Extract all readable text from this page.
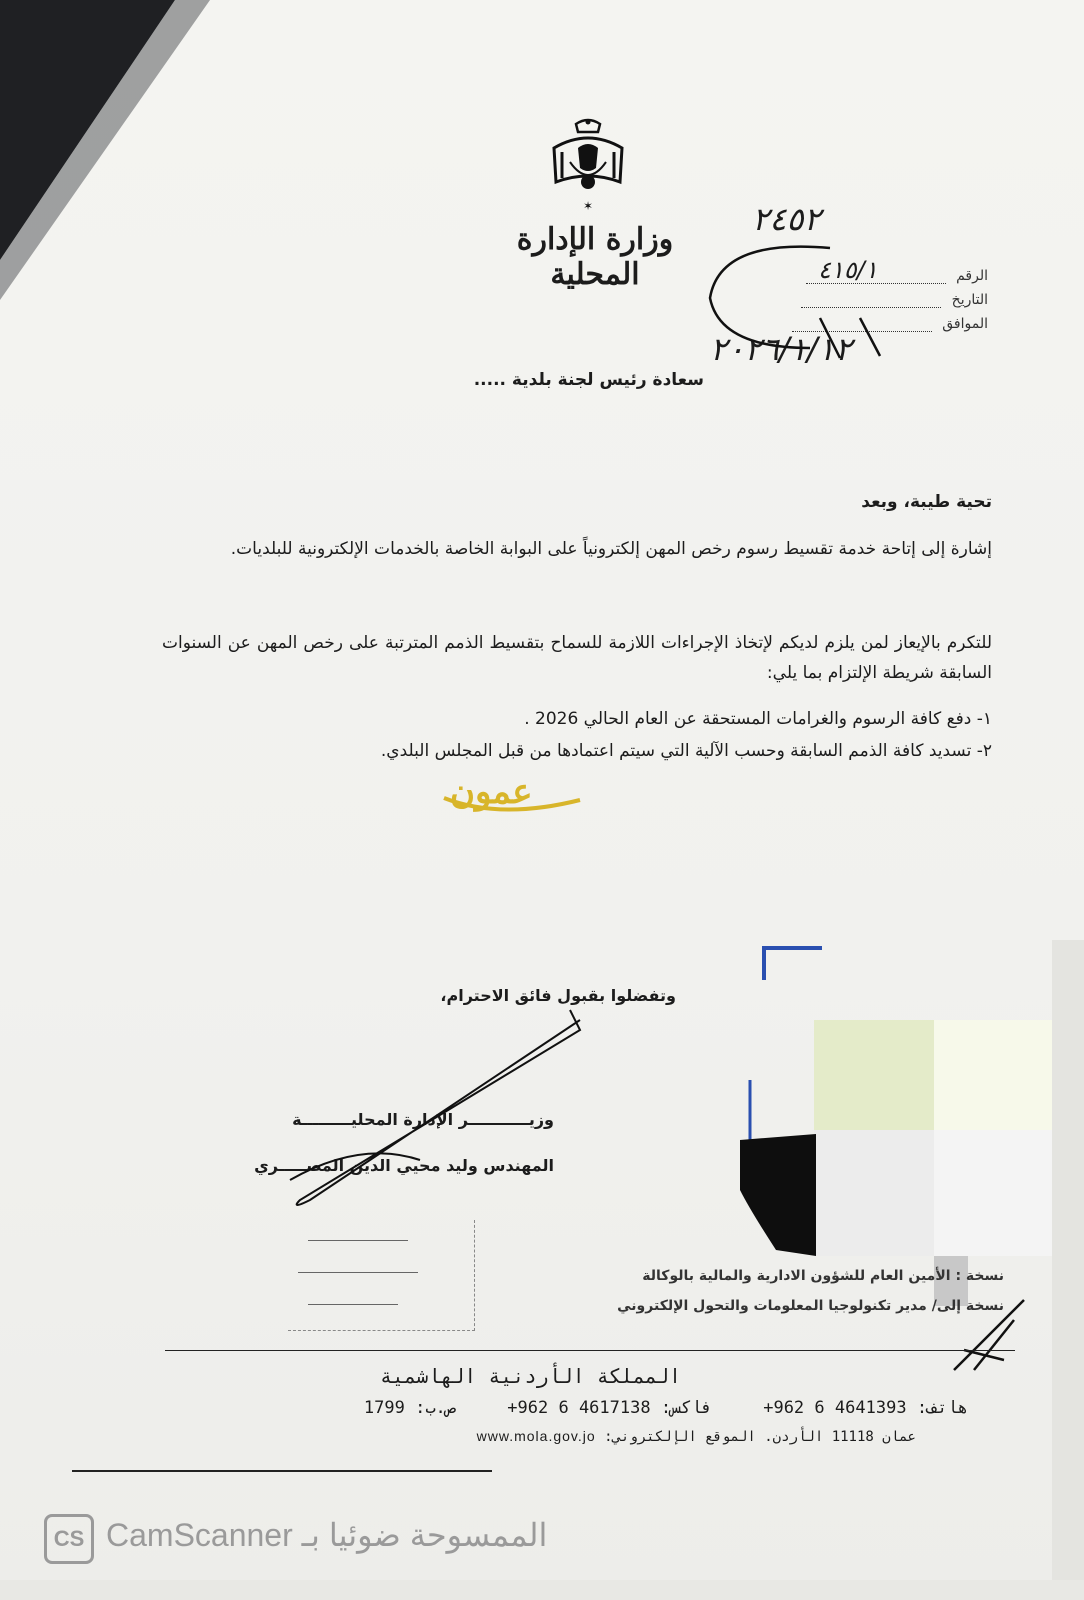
✶
وزارة الإدارة المحلية	الرقم
التاريخ
الموافق
٤١٥/١
٢٤٥٢
٢٠٢٦/١/١٢
سعادة رئيس لجنة بلدية .....
تحية طيبة، وبعد
إشارة إلى إتاحة خدمة تقسيط رسوم رخص المهن إلكترونياً على البوابة الخاصة بالخدمات الإلكترونية للبلديات.
للتكرم بالإيعاز لمن يلزم لديكم لإتخاذ الإجراءات اللازمة للسماح بتقسيط الذمم المترتبة على رخص المهن عن السنوات السابقة شريطة الإلتزام بما يلي:
١- دفع كافة الرسوم والغرامات المستحقة عن العام الحالي 2026 .
٢- تسديد كافة الذمم السابقة وحسب الآلية التي سيتم اعتمادها من قبل المجلس البلدي.
عمون
وتفضلوا بقبول فائق الاحترام،
وزيـــــــــــر الإدارة المحليـــــــــة
المهندس وليد محيي الدين المصـــــري
نسخة : الأمين العام للشؤون الادارية والمالية بالوكالة
نسخة إلى/ مدير تكنولوجيا المعلومات والتحول الإلكتروني
المملكة الأردنية الهاشمية
هاتف: 4641393 6 962+     فاكس: 4617138 6 962+     ص.ب: 1799
عمان 11118 الأردن. الموقع الإلكتروني: www.mola.gov.jo
CS الممسوحة ضوئيا بـ CamScanner
